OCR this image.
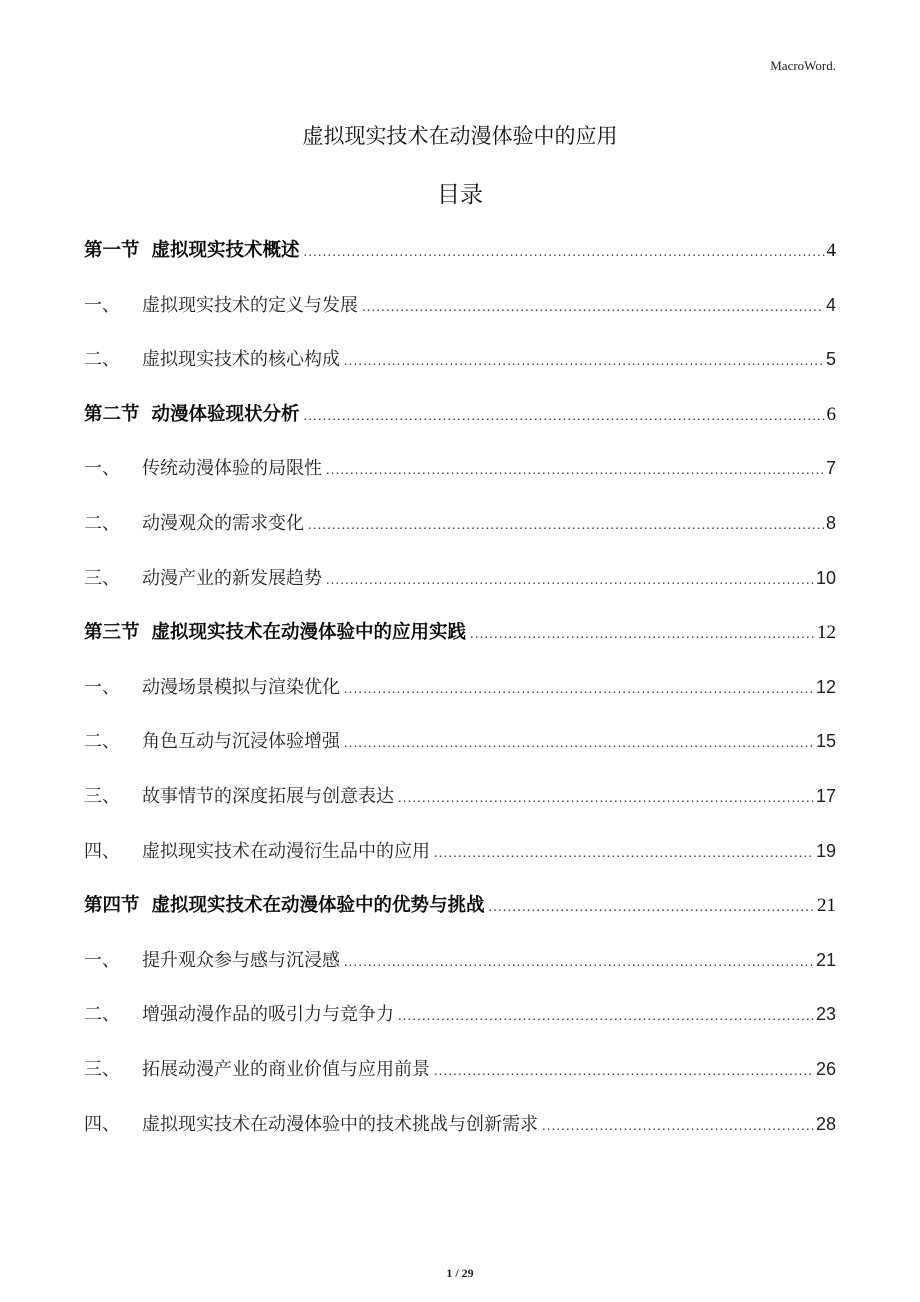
MacroWord.
虚拟现实技术在动漫体验中的应用
目录
第一节 虚拟现实技术概述 .....	4
一、	虚拟现实技术的定义与发展 .....	4
二、	虚拟现实技术的核心构成 .....	5
第二节 动漫体验现状分析 .....	6
一、	传统动漫体验的局限性 .....	7
二、	动漫观众的需求变化 .....	8
三、	动漫产业的新发展趋势 .....	10
第三节 虚拟现实技术在动漫体验中的应用实践 .....	12
一、	动漫场景模拟与渲染优化 .....	12
二、	角色互动与沉浸体验增强 .....	15
三、	故事情节的深度拓展与创意表达 .....	17
四、	虚拟现实技术在动漫衍生品中的应用 .....	19
第四节 虚拟现实技术在动漫体验中的优势与挑战 .....	21
一、	提升观众参与感与沉浸感 .....	21
二、	增强动漫作品的吸引力与竞争力 .....	23
三、	拓展动漫产业的商业价值与应用前景 .....	26
四、	虚拟现实技术在动漫体验中的技术挑战与创新需求 .....	28
1 / 29
